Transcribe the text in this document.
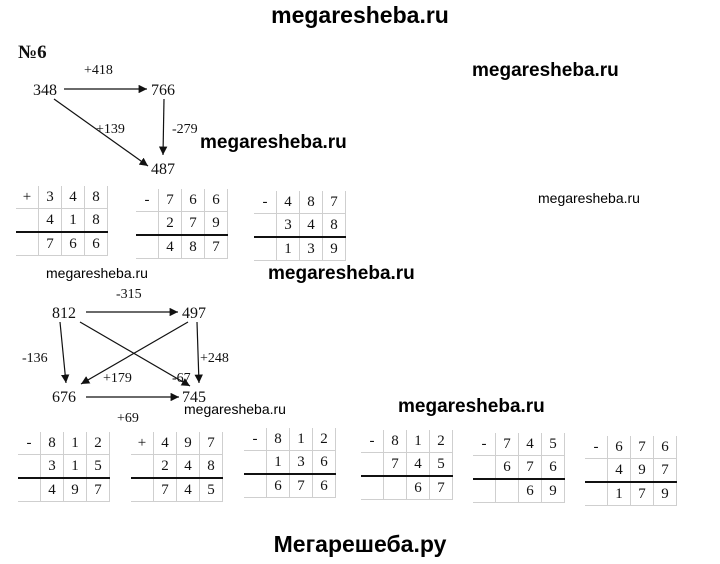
megaresheba.ru
megaresheba.ru
megaresheba.ru
megaresheba.ru
megaresheba.ru	megaresheba.ru
megaresheba.ru	megaresheba.ru
Мегарешеба.ру
№6
348	766
487
+418
+139	-279
812	497
676	745
-315
-136	+248
+179	-67
+69
+	3	4	8
	4	1	8
	7	6	6
-	7	6	6
	2	7	9
	4	8	7
-	4	8	7
	3	4	8
	1	3	9
-	8	1	2
	3	1	5
	4	9	7
+	4	9	7
	2	4	8
	7	4	5
-	8	1	2
	1	3	6
	6	7	6
-	8	1	2
	7	4	5
		6	7
-	7	4	5
	6	7	6
		6	9
-	6	7	6
	4	9	7
	1	7	9
